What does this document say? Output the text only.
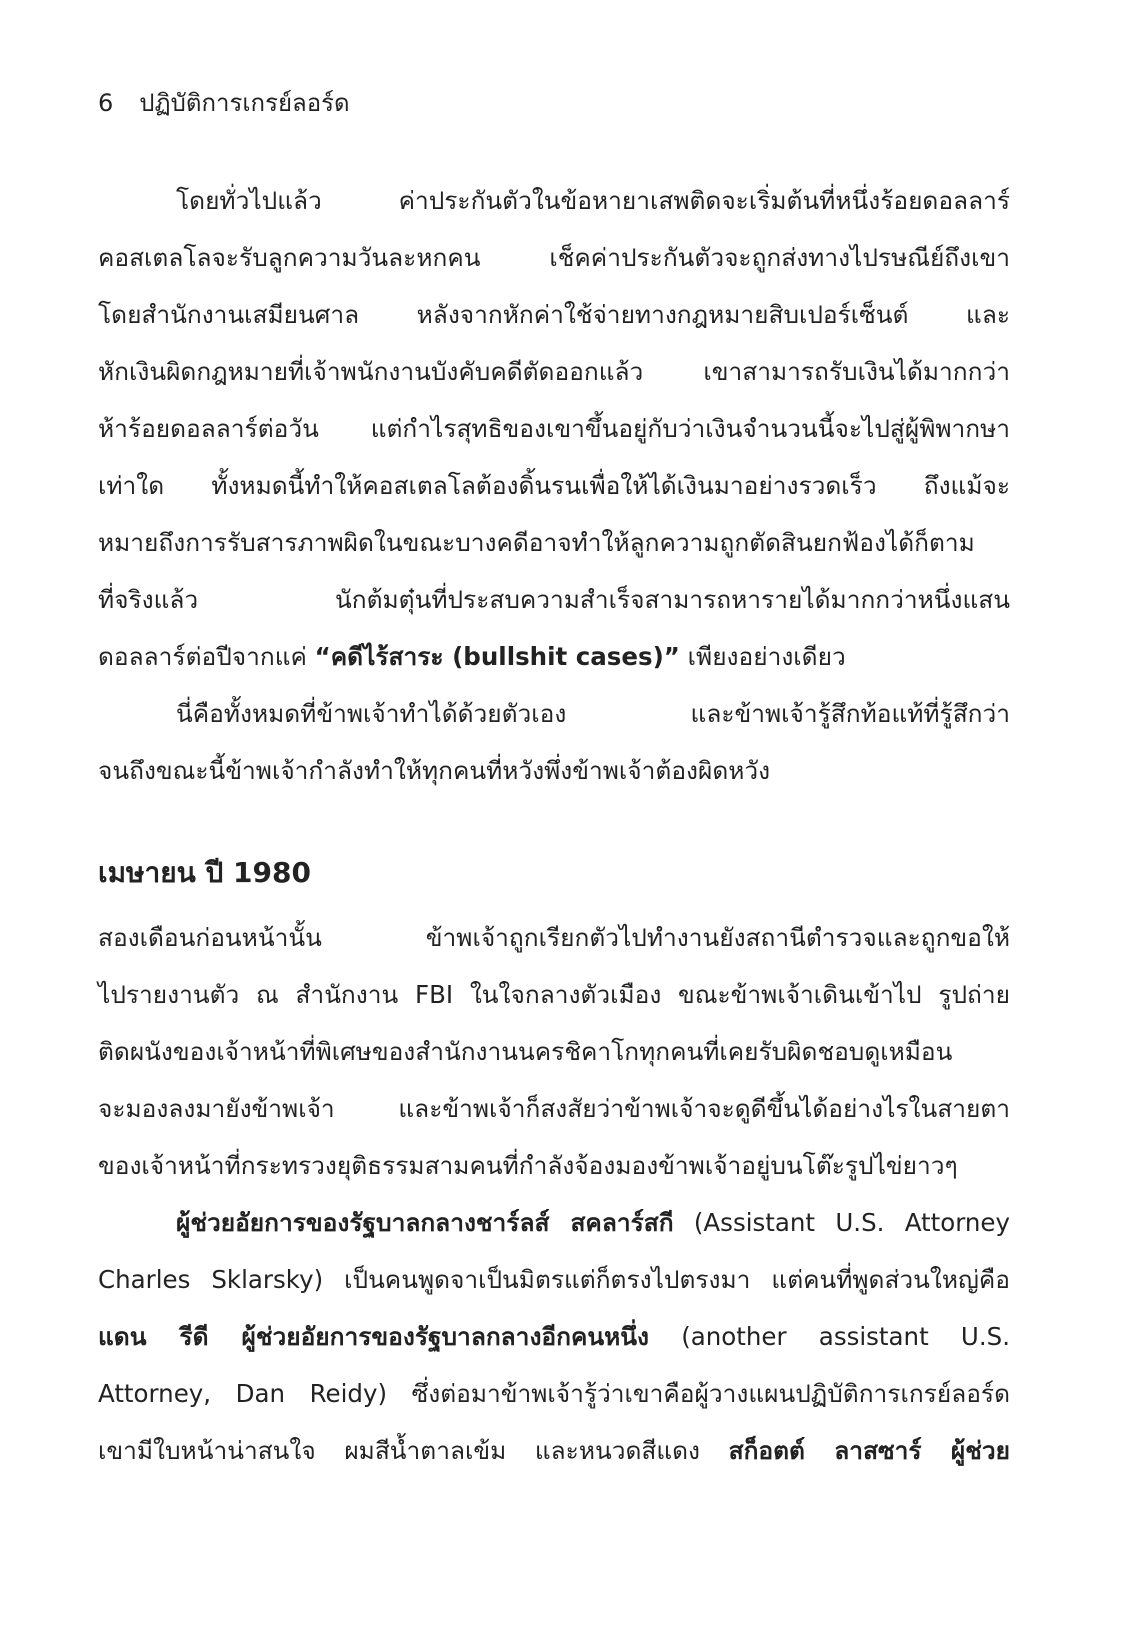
6 ปฏิบัติการเกรย์ลอร์ด
โดยทั่วไปแล้ว ค่าประกันตัวในข้อหายาเสพติดจะเริ่มต้นที่หนึ่งร้อยดอลลาร์
คอสเตลโลจะรับลูกความวันละหกคน เช็คค่าประกันตัวจะถูกส่งทางไปรษณีย์ถึงเขา
โดยสำนักงานเสมียนศาล หลังจากหักค่าใช้จ่ายทางกฎหมายสิบเปอร์เซ็นต์ และ
หักเงินผิดกฎหมายที่เจ้าพนักงานบังคับคดีตัดออกแล้ว เขาสามารถรับเงินได้มากกว่า
ห้าร้อยดอลลาร์ต่อวัน แต่กำไรสุทธิของเขาขึ้นอยู่กับว่าเงินจำนวนนี้จะไปสู่ผู้พิพากษา
เท่าใด ทั้งหมดนี้ทำให้คอสเตลโลต้องดิ้นรนเพื่อให้ได้เงินมาอย่างรวดเร็ว ถึงแม้จะ
หมายถึงการรับสารภาพผิดในขณะบางคดีอาจทำให้ลูกความถูกตัดสินยกฟ้องได้ก็ตาม
ที่จริงแล้ว นักต้มตุ๋นที่ประสบความสำเร็จสามารถหารายได้มากกว่าหนึ่งแสน
ดอลลาร์ต่อปีจากแค่ “คดีไร้สาระ (bullshit cases)” เพียงอย่างเดียว
นี่คือทั้งหมดที่ข้าพเจ้าทำได้ด้วยตัวเอง และข้าพเจ้ารู้สึกท้อแท้ที่รู้สึกว่า
จนถึงขณะนี้ข้าพเจ้ากำลังทำให้ทุกคนที่หวังพึ่งข้าพเจ้าต้องผิดหวัง
เมษายน ปี 1980
สองเดือนก่อนหน้านั้น ข้าพเจ้าถูกเรียกตัวไปทำงานยังสถานีตำรวจและถูกขอให้
ไปรายงานตัว ณ สำนักงาน FBI ในใจกลางตัวเมือง ขณะข้าพเจ้าเดินเข้าไป รูปถ่าย
ติดผนังของเจ้าหน้าที่พิเศษของสำนักงานนครชิคาโกทุกคนที่เคยรับผิดชอบดูเหมือน
จะมองลงมายังข้าพเจ้า และข้าพเจ้าก็สงสัยว่าข้าพเจ้าจะดูดีขึ้นได้อย่างไรในสายตา
ของเจ้าหน้าที่กระทรวงยุติธรรมสามคนที่กำลังจ้องมองข้าพเจ้าอยู่บนโต๊ะรูปไข่ยาวๆ
ผู้ช่วยอัยการของรัฐบาลกลางชาร์ลส์ สคลาร์สกี (Assistant U.S. Attorney
Charles Sklarsky) เป็นคนพูดจาเป็นมิตรแต่ก็ตรงไปตรงมา แต่คนที่พูดส่วนใหญ่คือ
แดน รีดี ผู้ช่วยอัยการของรัฐบาลกลางอีกคนหนึ่ง (another assistant U.S.
Attorney, Dan Reidy) ซึ่งต่อมาข้าพเจ้ารู้ว่าเขาคือผู้วางแผนปฏิบัติการเกรย์ลอร์ด
เขามีใบหน้าน่าสนใจ ผมสีน้ำตาลเข้ม และหนวดสีแดง สก็อตต์ ลาสซาร์ ผู้ช่วย
